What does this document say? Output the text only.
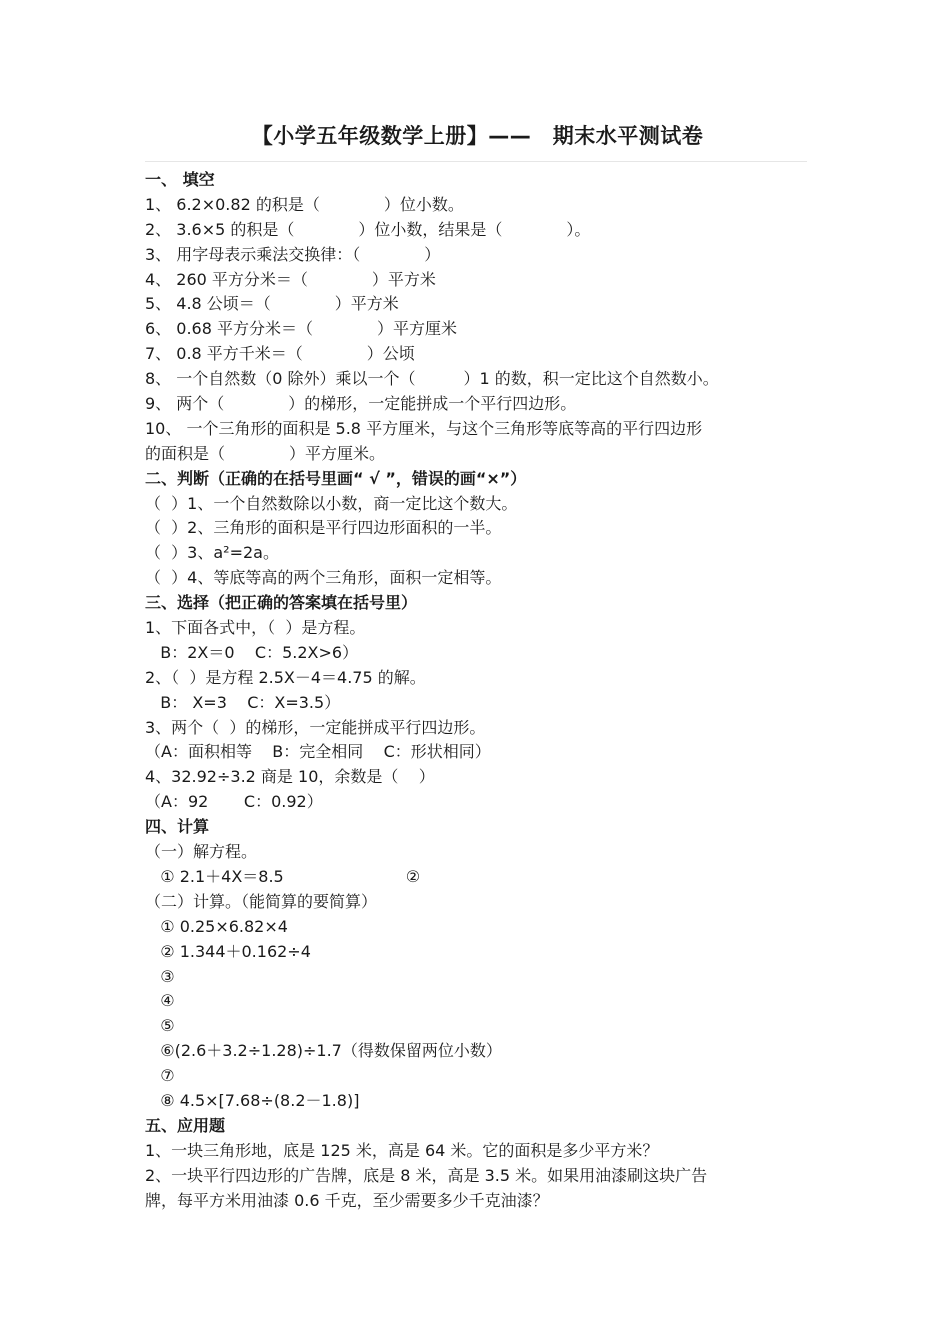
【小学五年级数学上册】——　期末水平测试卷
一、 填空
1、 6.2×0.82 的积是（　　　　）位小数。
2、 3.6×5 的积是（　　　　）位小数，结果是（　　　　）。
3、 用字母表示乘法交换律：（　　　　）
4、 260 平方分米＝（　　　　）平方米
5、 4.8 公顷＝（　　　　）平方米
6、 0.68 平方分米＝（　　　　）平方厘米
7、 0.8 平方千米＝（　　　　）公顷
8、 一个自然数（0 除外）乘以一个（　　　）1 的数，积一定比这个自然数小。
9、 两个（　　　　）的梯形，一定能拼成一个平行四边形。
10、 一个三角形的面积是 5.8 平方厘米，与这个三角形等底等高的平行四边形
的面积是（　　　　）平方厘米。
二、判断（正确的在括号里画“ √ ”，错误的画“×”）
（  ）1、一个自然数除以小数，商一定比这个数大。
（  ）2、三角形的面积是平行四边形面积的一半。
（  ）3、a²=2a。
（  ）4、等底等高的两个三角形，面积一定相等。
三、选择（把正确的答案填在括号里）
1、下面各式中，（  ）是方程。
B：2X＝0    C：5.2X>6）
2、（  ）是方程 2.5X－4＝4.75 的解。
B： X=3    C：X=3.5）
3、两个（  ）的梯形，一定能拼成平行四边形。
（A：面积相等    B：完全相同    C：形状相同）
4、32.92÷3.2 商是 10，余数是（    ）
（A：92       C：0.92）
四、计算
（一）解方程。
① 2.1＋4X＝8.5                        ②
（二）计算。（能简算的要简算）
① 0.25×6.82×4
② 1.344＋0.162÷4
③
④
⑤
⑥(2.6＋3.2÷1.28)÷1.7（得数保留两位小数）
⑦
⑧ 4.5×[7.68÷(8.2－1.8)]
五、应用题
1、一块三角形地，底是 125 米，高是 64 米。它的面积是多少平方米？
2、一块平行四边形的广告牌，底是 8 米，高是 3.5 米。如果用油漆刷这块广告
牌，每平方米用油漆 0.6 千克，至少需要多少千克油漆？
